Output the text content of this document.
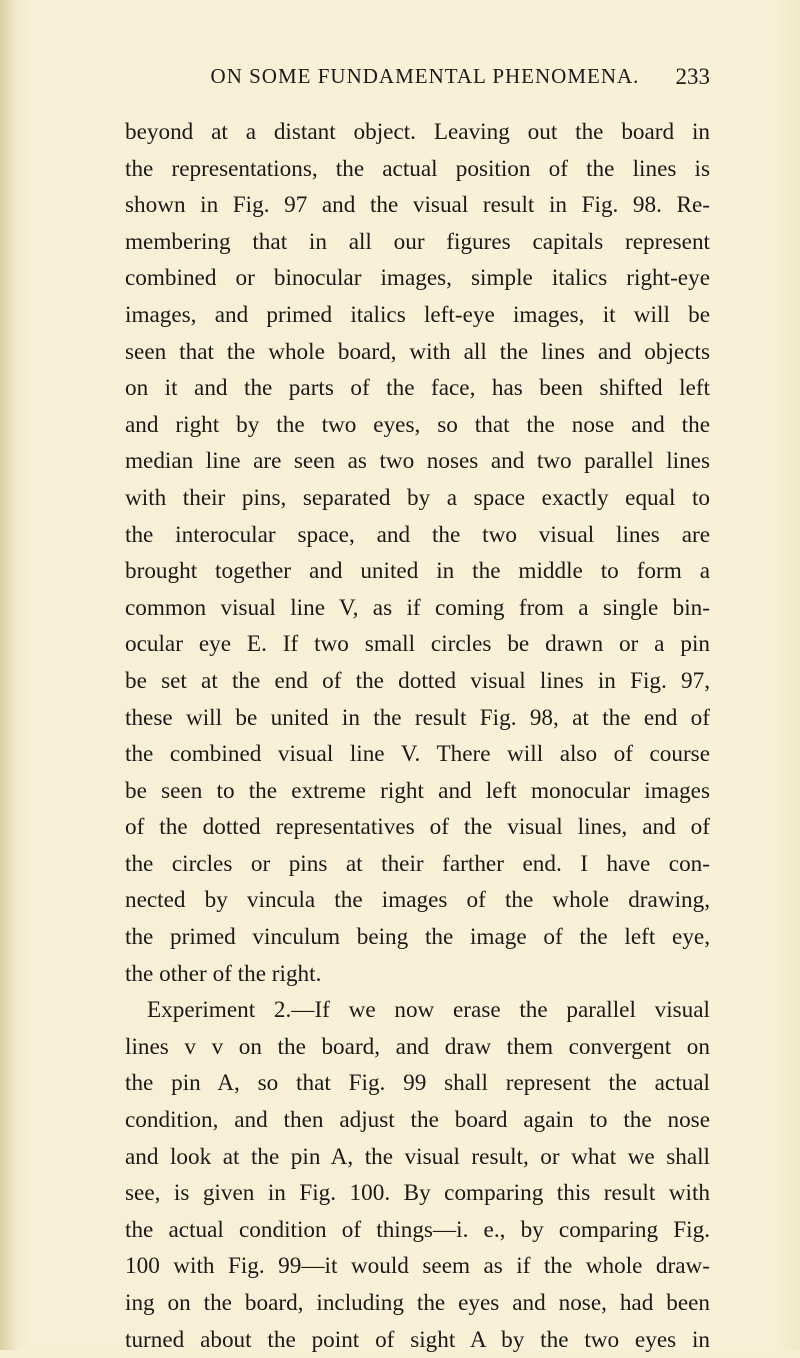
ON SOME FUNDAMENTAL PHENOMENA. 233
beyond at a distant object. Leaving out the board in
the representations, the actual position of the lines is
shown in Fig. 97 and the visual result in Fig. 98. Re-
membering that in all our figures capitals represent
combined or binocular images, simple italics right-eye
images, and primed italics left-eye images, it will be
seen that the whole board, with all the lines and objects
on it and the parts of the face, has been shifted left
and right by the two eyes, so that the nose and the
median line are seen as two noses and two parallel lines
with their pins, separated by a space exactly equal to
the interocular space, and the two visual lines are
brought together and united in the middle to form a
common visual line V, as if coming from a single bin-
ocular eye E. If two small circles be drawn or a pin
be set at the end of the dotted visual lines in Fig. 97,
these will be united in the result Fig. 98, at the end of
the combined visual line V. There will also of course
be seen to the extreme right and left monocular images
of the dotted representatives of the visual lines, and of
the circles or pins at their farther end. I have con-
nected by vincula the images of the whole drawing,
the primed vinculum being the image of the left eye,
the other of the right.
Experiment 2.—If we now erase the parallel visual
lines v v on the board, and draw them convergent on
the pin A, so that Fig. 99 shall represent the actual
condition, and then adjust the board again to the nose
and look at the pin A, the visual result, or what we shall
see, is given in Fig. 100. By comparing this result with
the actual condition of things—i. e., by comparing Fig.
100 with Fig. 99—it would seem as if the whole draw-
ing on the board, including the eyes and nose, had been
turned about the point of sight A by the two eyes in
